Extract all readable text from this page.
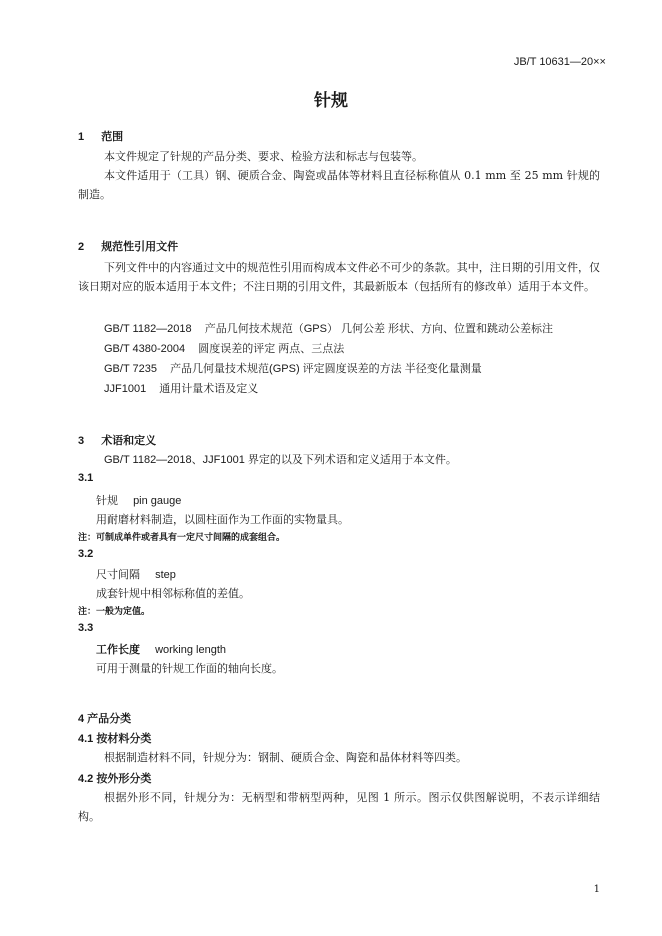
JB/T 10631—20××
针规
1 范围
本文件规定了针规的产品分类、要求、检验方法和标志与包装等。
本文件适用于（工具）钢、硬质合金、陶瓷或晶体等材料且直径标称值从 0.1 mm 至 25 mm 针规的制造。
2 规范性引用文件
下列文件中的内容通过文中的规范性引用而构成本文件必不可少的条款。其中，注日期的引用文件，仅该日期对应的版本适用于本文件；不注日期的引用文件，其最新版本（包括所有的修改单）适用于本文件。
GB/T 1182—2018 产品几何技术规范（GPS） 几何公差 形状、方向、位置和跳动公差标注
GB/T 4380-2004 圆度误差的评定 两点、三点法
GB/T 7235 产品几何量技术规范(GPS) 评定圆度误差的方法 半径变化量测量
JJF1001 通用计量术语及定义
3 术语和定义
GB/T 1182—2018、JJF1001 界定的以及下列术语和定义适用于本文件。
3.1
针规 pin gauge
用耐磨材料制造，以圆柱面作为工作面的实物量具。
注：可制成单件或者具有一定尺寸间隔的成套组合。
3.2
尺寸间隔 step
成套针规中相邻标称值的差值。
注：一般为定值。
3.3
工作长度 working length
可用于测量的针规工作面的轴向长度。
4 产品分类
4.1 按材料分类
根据制造材料不同，针规分为：钢制、硬质合金、陶瓷和晶体材料等四类。
4.2 按外形分类
根据外形不同，针规分为：无柄型和带柄型两种，见图 1 所示。图示仅供图解说明，不表示详细结构。
1
